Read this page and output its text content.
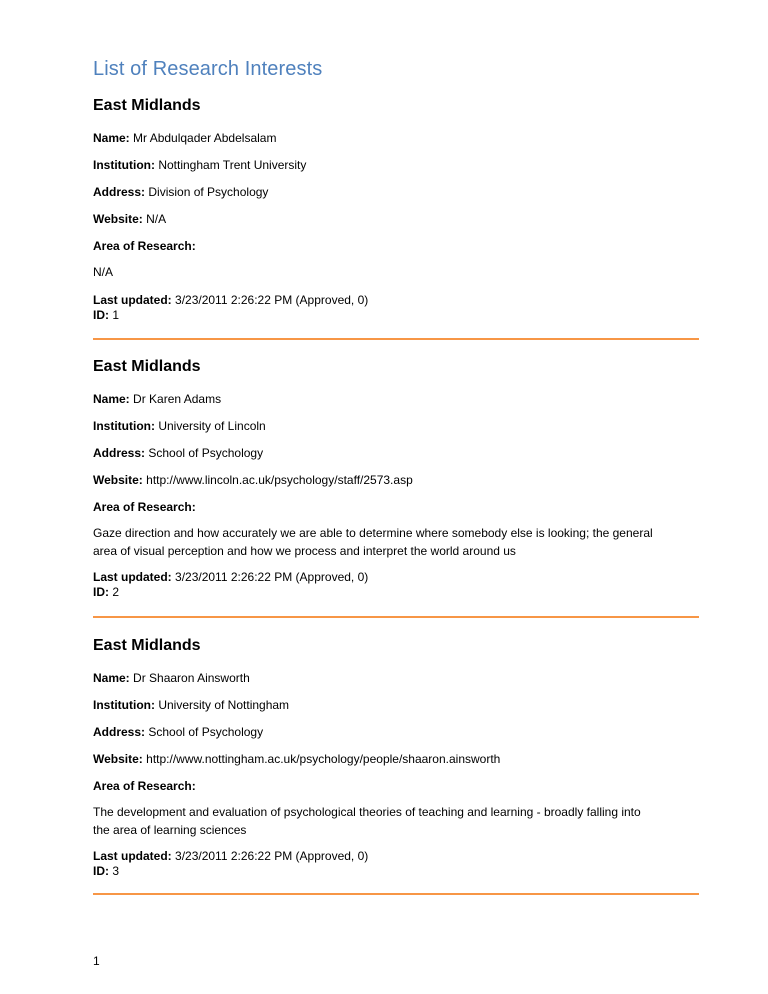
List of Research Interests
East Midlands

Name: Mr Abdulqader Abdelsalam

Institution: Nottingham Trent University

Address: Division of Psychology

Website: N/A

Area of Research:

N/A

Last updated: 3/23/2011 2:26:22 PM (Approved, 0)

ID: 1

East Midlands

Name: Dr Karen Adams

Institution: University of Lincoln

Address: School of Psychology

Website: http://www.lincoln.ac.uk/psychology/staff/2573.asp

Area of Research:

Gaze direction and how accurately we are able to determine where somebody else is looking; the general area of visual perception and how we process and interpret the world around us

Last updated: 3/23/2011 2:26:22 PM (Approved, 0)

ID: 2

East Midlands

Name: Dr Shaaron Ainsworth

Institution: University of Nottingham

Address: School of Psychology

Website: http://www.nottingham.ac.uk/psychology/people/shaaron.ainsworth

Area of Research:

The development and evaluation of psychological theories of teaching and learning - broadly falling into the area of learning sciences

Last updated: 3/23/2011 2:26:22 PM (Approved, 0)

ID: 3

1
